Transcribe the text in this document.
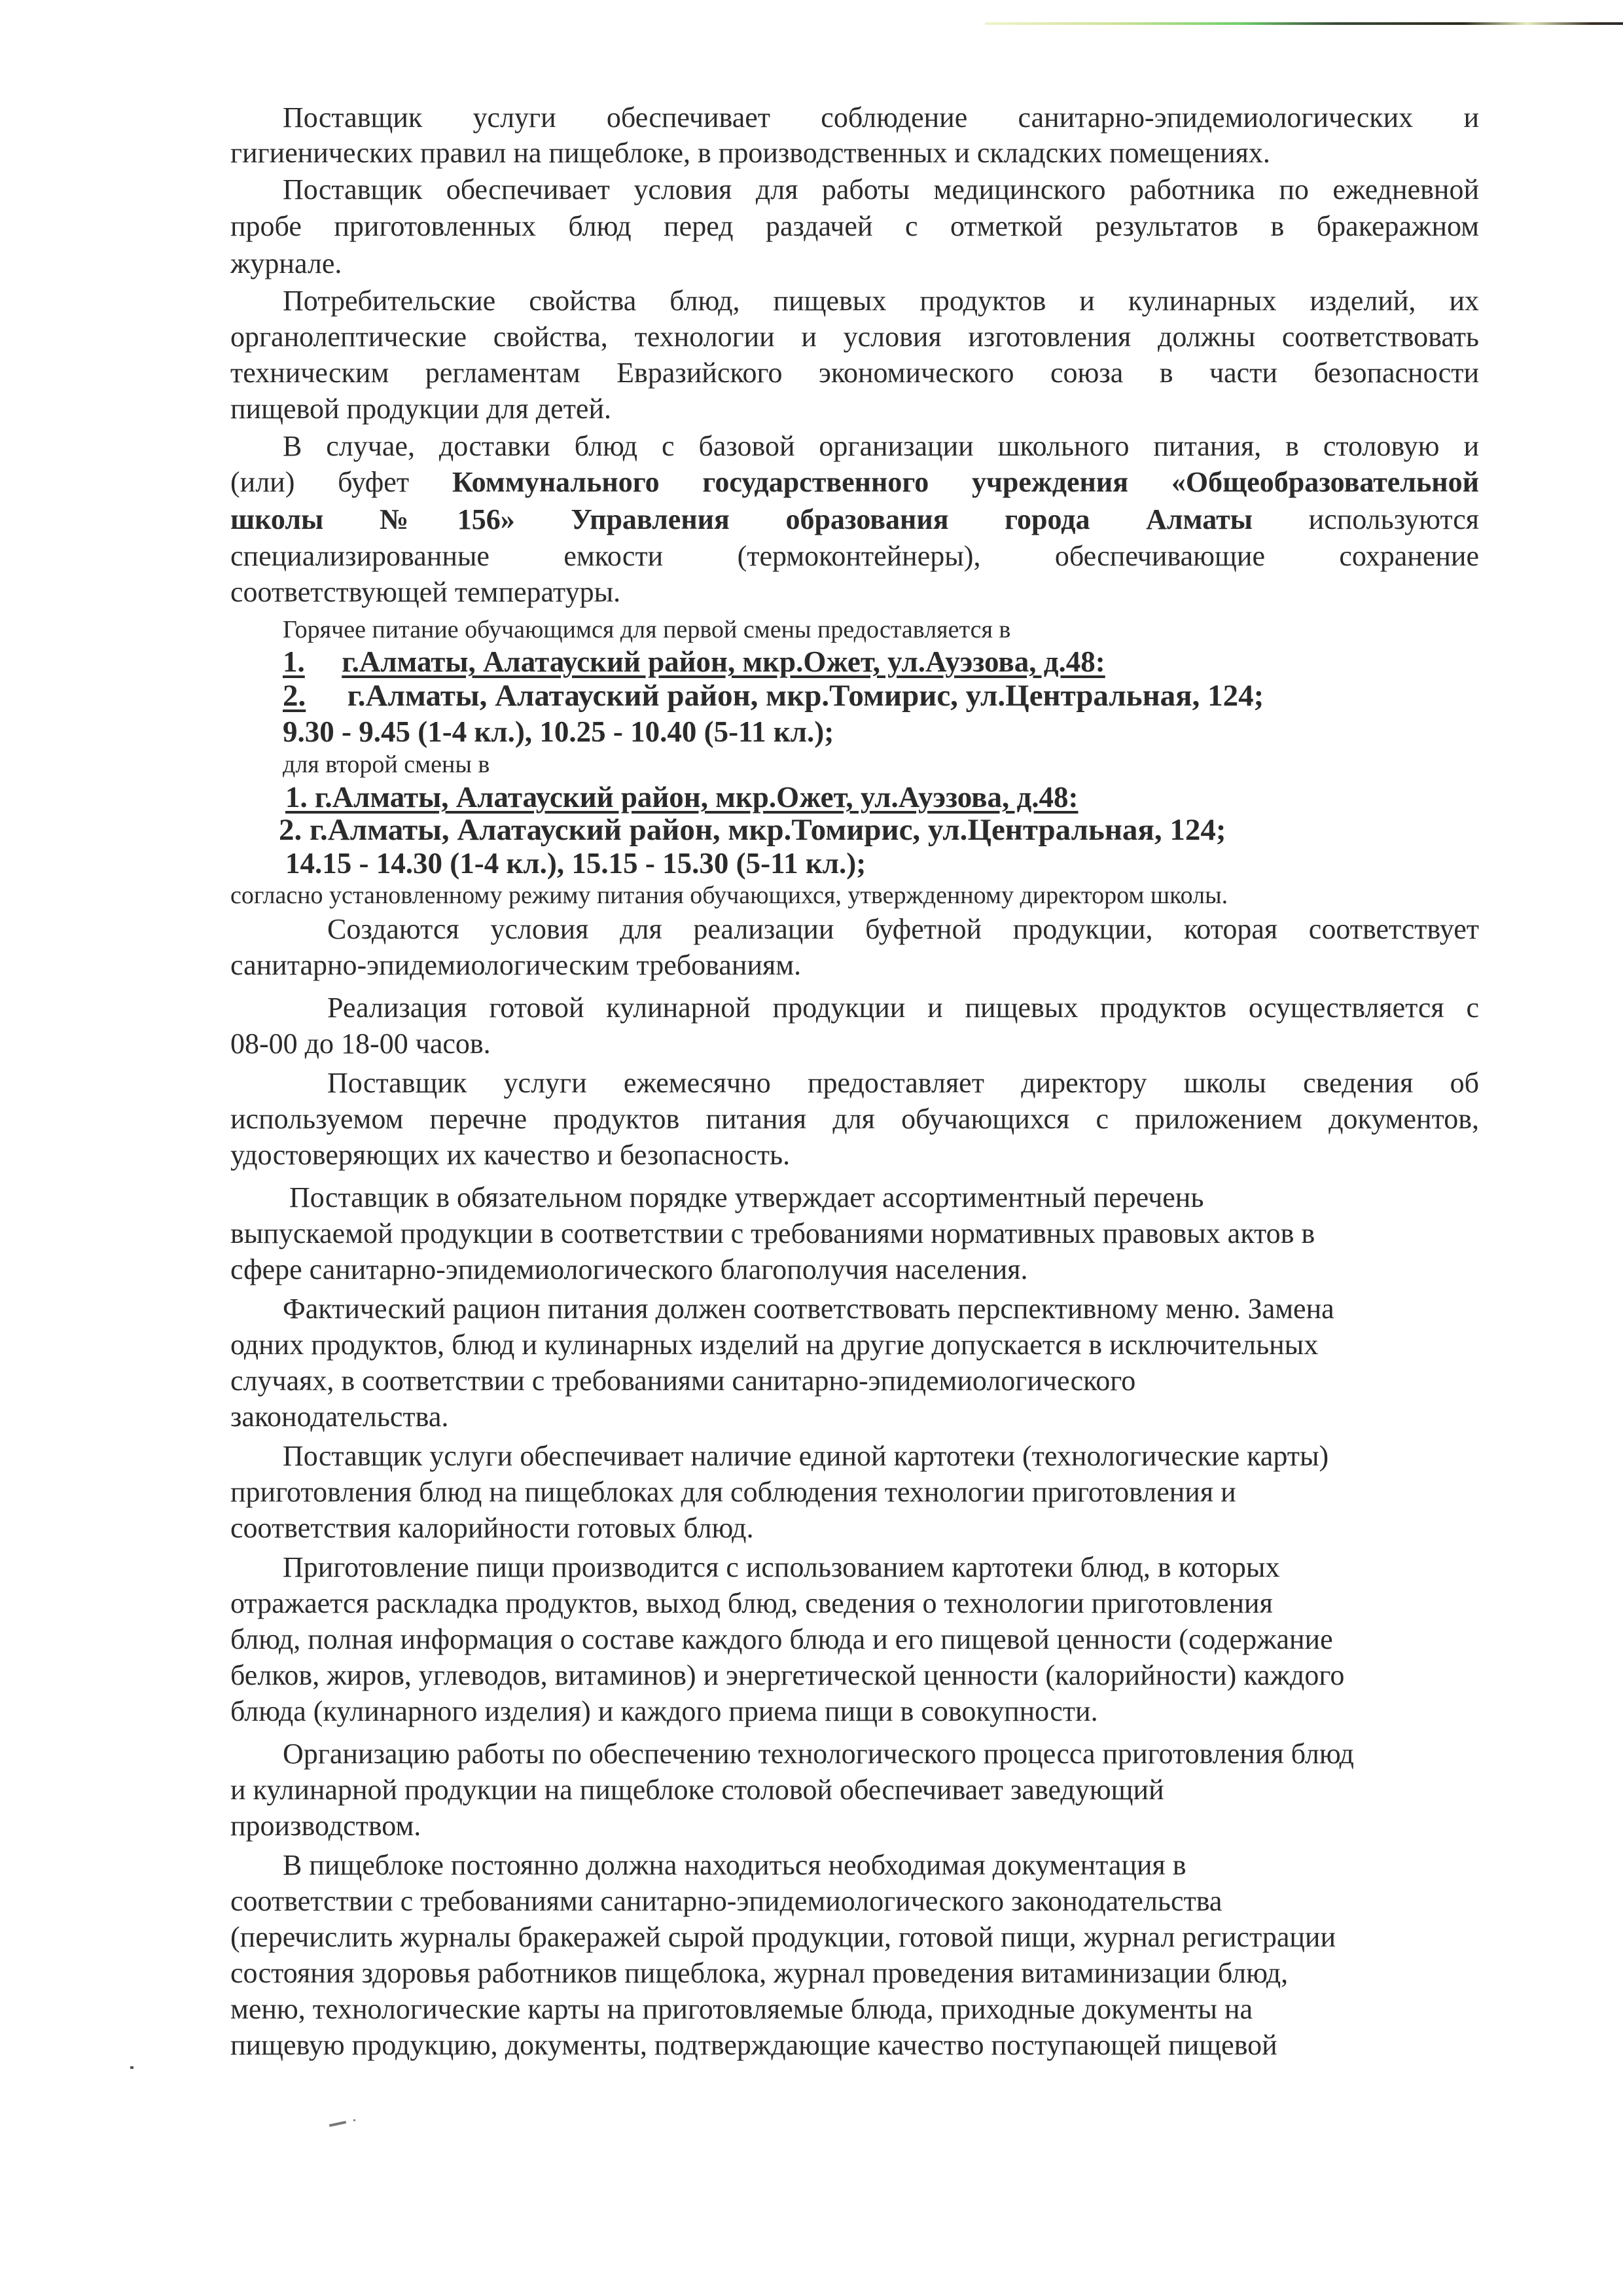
Поставщик услуги обеспечивает соблюдение санитарно-эпидемиологических и
гигиенических правил на пищеблоке, в производственных и складских помещениях.
Поставщик обеспечивает условия для работы медицинского работника по ежедневной
пробе приготовленных блюд перед раздачей с отметкой результатов в бракеражном
журнале.
Потребительские свойства блюд, пищевых продуктов и кулинарных изделий, их
органолептические свойства, технологии и условия изготовления должны соответствовать
техническим регламентам Евразийского экономического союза в части безопасности
пищевой продукции для детей.
В случае, доставки блюд с базовой организации школьного питания, в столовую и
(или) буфет Коммунального государственного учреждения «Общеобразовательной
школы №156» Управления образования города Алматы используются
специализированные емкости (термоконтейнеры), обеспечивающие сохранение
соответствующей температуры.
Горячее питание обучающимся для первой смены предоставляется в
1. г.Алматы, Алатауский район, мкр.Ожет, ул.Ауэзова, д.48:
2. г.Алматы, Алатауский район, мкр.Томирис, ул.Центральная, 124;
9.30 - 9.45 (1-4 кл.), 10.25 - 10.40 (5-11 кл.);
для второй смены в
1. г.Алматы, Алатауский район, мкр.Ожет, ул.Ауэзова, д.48:
2. г.Алматы, Алатауский район, мкр.Томирис, ул.Центральная, 124;
14.15 - 14.30 (1-4 кл.), 15.15 - 15.30 (5-11 кл.);
согласно установленному режиму питания обучающихся, утвержденному директором школы.
Создаются условия для реализации буфетной продукции, которая соответствует
санитарно-эпидемиологическим требованиям.
Реализация готовой кулинарной продукции и пищевых продуктов осуществляется с
08-00 до 18-00 часов.
Поставщик услуги ежемесячно предоставляет директору школы сведения об
используемом перечне продуктов питания для обучающихся с приложением документов,
удостоверяющих их качество и безопасность.
Поставщик в обязательном порядке утверждает ассортиментный перечень
выпускаемой продукции в соответствии с требованиями нормативных правовых актов в
сфере санитарно-эпидемиологического благополучия населения.
Фактический рацион питания должен соответствовать перспективному меню. Замена
одних продуктов, блюд и кулинарных изделий на другие допускается в исключительных
случаях, в соответствии с требованиями санитарно-эпидемиологического
законодательства.
Поставщик услуги обеспечивает наличие единой картотеки (технологические карты)
приготовления блюд на пищеблоках для соблюдения технологии приготовления и
соответствия калорийности готовых блюд.
Приготовление пищи производится с использованием картотеки блюд, в которых
отражается раскладка продуктов, выход блюд, сведения о технологии приготовления
блюд, полная информация о составе каждого блюда и его пищевой ценности (содержание
белков, жиров, углеводов, витаминов) и энергетической ценности (калорийности) каждого
блюда (кулинарного изделия) и каждого приема пищи в совокупности.
Организацию работы по обеспечению технологического процесса приготовления блюд
и кулинарной продукции на пищеблоке столовой обеспечивает заведующий
производством.
В пищеблоке постоянно должна находиться необходимая документация в
соответствии с требованиями санитарно-эпидемиологического законодательства
(перечислить журналы бракеражей сырой продукции, готовой пищи, журнал регистрации
состояния здоровья работников пищеблока, журнал проведения витаминизации блюд,
меню, технологические карты на приготовляемые блюда, приходные документы на
пищевую продукцию, документы, подтверждающие качество поступающей пищевой
